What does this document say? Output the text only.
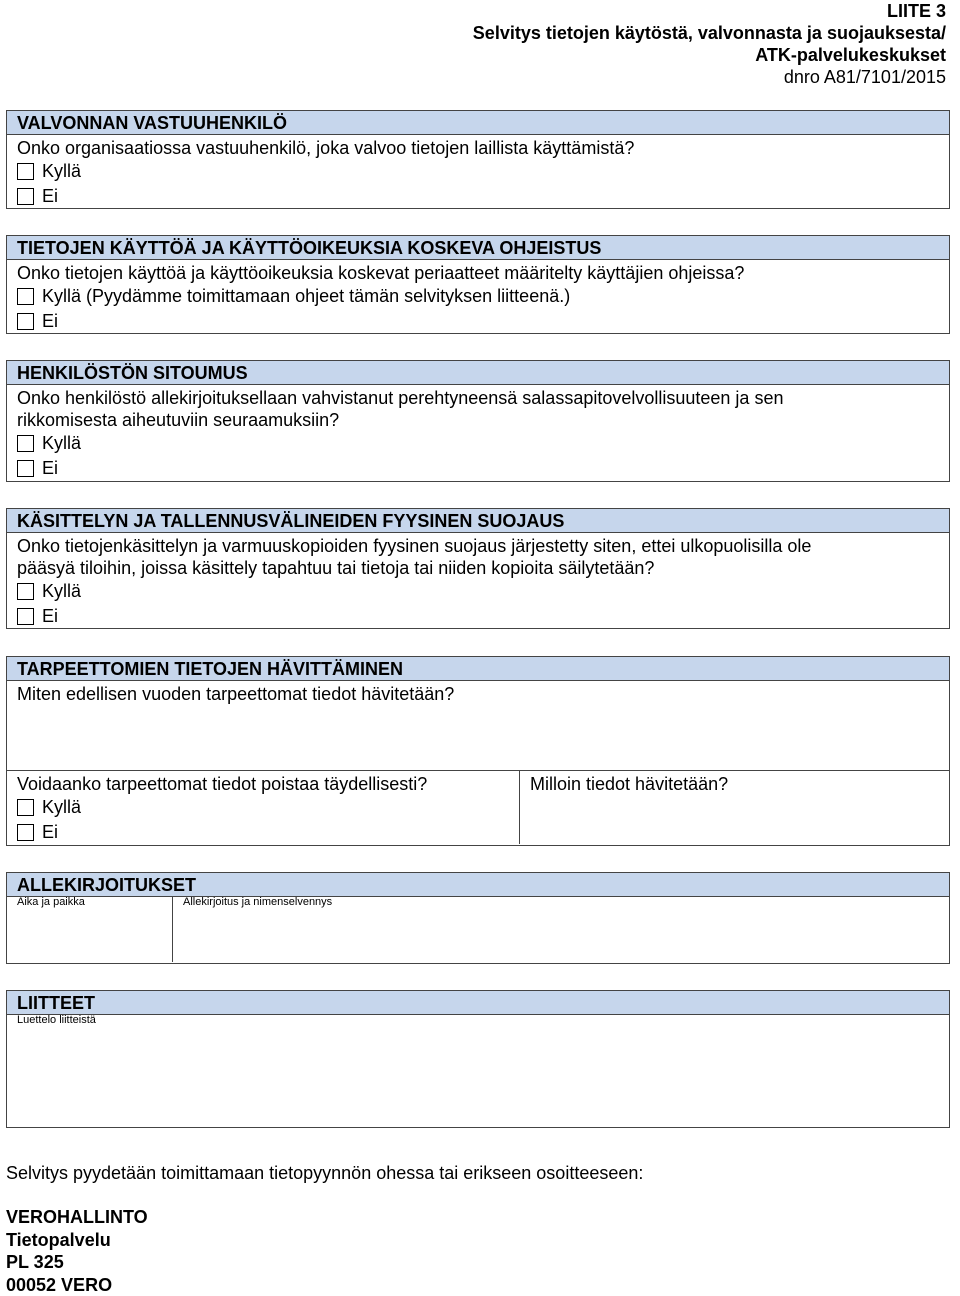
LIITE 3
Selvitys tietojen käytöstä, valvonnasta ja suojauksesta/
ATK-palvelukeskukset
dnro A81/7101/2015
VALVONNAN VASTUUHENKILÖ
Onko organisaatiossa vastuuhenkilö, joka valvoo tietojen laillista käyttämistä?
Kyllä
Ei
TIETOJEN KÄYTTÖÄ JA KÄYTTÖOIKEUKSIA KOSKEVA OHJEISTUS
Onko tietojen käyttöä ja käyttöoikeuksia koskevat periaatteet määritelty käyttäjien ohjeissa?
Kyllä (Pyydämme toimittamaan ohjeet tämän selvityksen liitteenä.)
Ei
HENKILÖSTÖN SITOUMUS
Onko henkilöstö allekirjoituksellaan vahvistanut perehtyneensä salassapitovelvollisuuteen ja sen
rikkomisesta aiheutuviin seuraamuksiin?
Kyllä
Ei
KÄSITTELYN JA TALLENNUSVÄLINEIDEN FYYSINEN SUOJAUS
Onko tietojenkäsittelyn ja varmuuskopioiden fyysinen suojaus järjestetty siten, ettei ulkopuolisilla ole
pääsyä tiloihin, joissa käsittely tapahtuu tai tietoja tai niiden kopioita säilytetään?
Kyllä
Ei
TARPEETTOMIEN TIETOJEN HÄVITTÄMINEN
Miten edellisen vuoden tarpeettomat tiedot hävitetään?
Voidaanko tarpeettomat tiedot poistaa täydellisesti?
Kyllä
Ei
Milloin tiedot hävitetään?
ALLEKIRJOITUKSET
Aika ja paikka	Allekirjoitus ja nimenselvennys
LIITTEET
Luettelo liitteistä
Selvitys pyydetään toimittamaan tietopyynnön ohessa tai erikseen osoitteeseen:
VEROHALLINTO
Tietopalvelu
PL 325
00052 VERO
